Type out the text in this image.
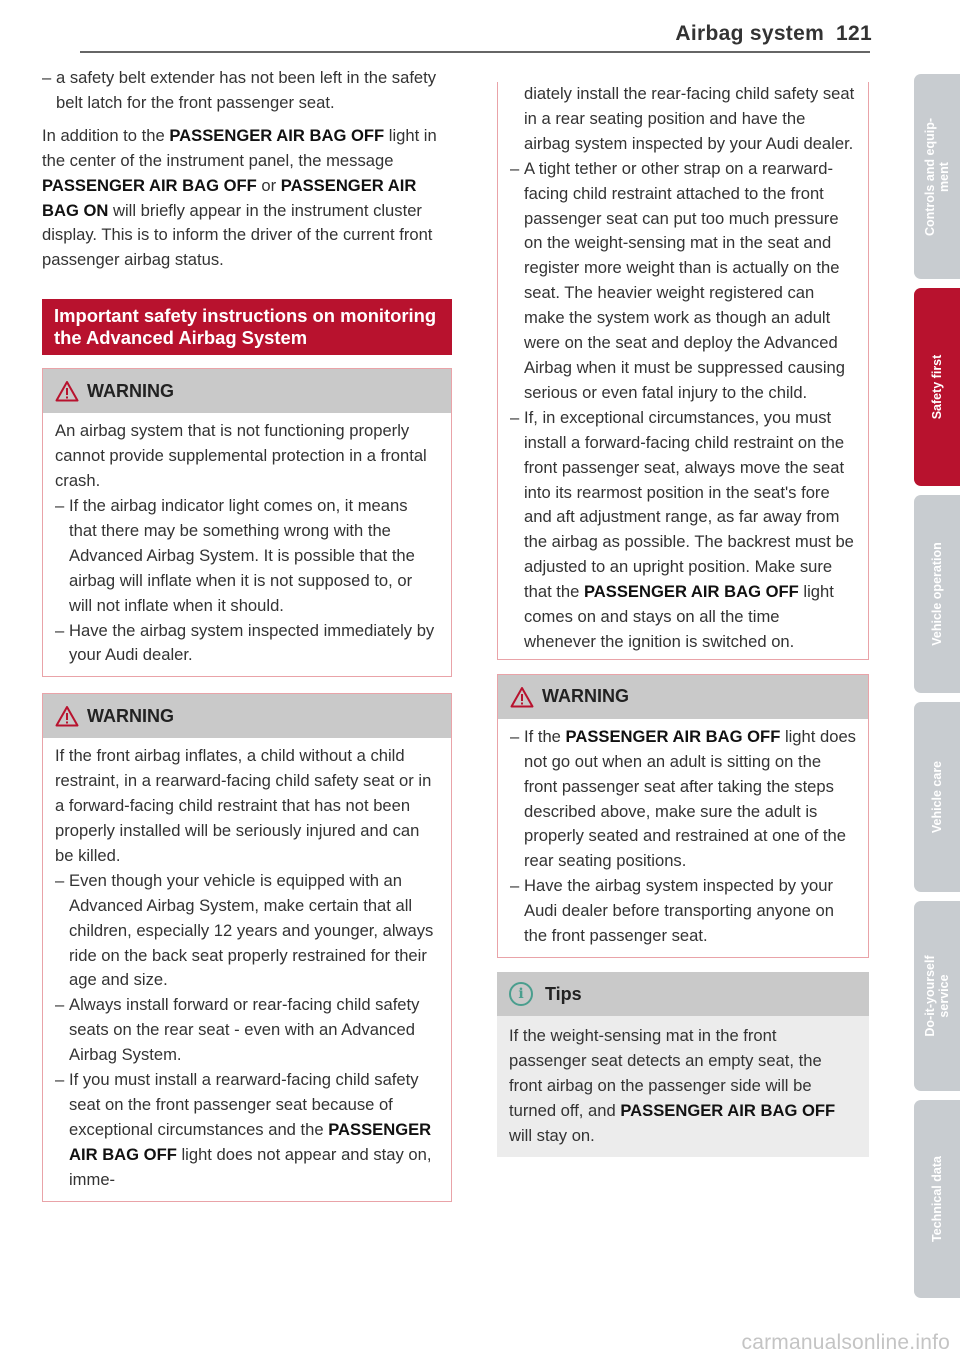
Airbag system 121
– a safety belt extender has not been left in the safety belt latch for the front passenger seat.

In addition to the PASSENGER AIR BAG OFF light in the center of the instrument panel, the message PASSENGER AIR BAG OFF or PASSENGER AIR BAG ON will briefly appear in the instrument cluster display. This is to inform the driver of the current front passenger airbag status.

Important safety instructions on monitoring the Advanced Airbag System
WARNING
An airbag system that is not functioning properly cannot provide supplemental protection in a frontal crash.
– If the airbag indicator light comes on, it means that there may be something wrong with the Advanced Airbag System. It is possible that the airbag will inflate when it is not supposed to, or will not inflate when it should.
– Have the airbag system inspected immediately by your Audi dealer.
WARNING
If the front airbag inflates, a child without a child restraint, in a rearward-facing child safety seat or in a forward-facing child restraint that has not been properly installed will be seriously injured and can be killed.
– Even though your vehicle is equipped with an Advanced Airbag System, make certain that all children, especially 12 years and younger, always ride on the back seat properly restrained for their age and size.
– Always install forward or rear-facing child safety seats on the rear seat - even with an Advanced Airbag System.
– If you must install a rearward-facing child safety seat on the front passenger seat because of exceptional circumstances and the PASSENGER AIR BAG OFF light does not appear and stay on, imme-
diately install the rear-facing child safety seat in a rear seating position and have the airbag system inspected by your Audi dealer.
– A tight tether or other strap on a rearward-facing child restraint attached to the front passenger seat can put too much pressure on the weight-sensing mat in the seat and register more weight than is actually on the seat. The heavier weight registered can make the system work as though an adult were on the seat and deploy the Advanced Airbag when it must be suppressed causing serious or even fatal injury to the child.
– If, in exceptional circumstances, you must install a forward-facing child restraint on the front passenger seat, always move the seat into its rearmost position in the seat's fore and aft adjustment range, as far away from the airbag as possible. The backrest must be adjusted to an upright position. Make sure that the PASSENGER AIR BAG OFF light comes on and stays on all the time whenever the ignition is switched on.
WARNING
– If the PASSENGER AIR BAG OFF light does not go out when an adult is sitting on the front passenger seat after taking the steps described above, make sure the adult is properly seated and restrained at one of the rear seating positions.
– Have the airbag system inspected by your Audi dealer before transporting anyone on the front passenger seat.
i	Tips
If the weight-sensing mat in the front passenger seat detects an empty seat, the front airbag on the passenger side will be turned off, and PASSENGER AIR BAG OFF will stay on.
Controls and equip-
ment
Safety first
Vehicle operation
Vehicle care
Do-it-yourself
service
Technical data
carmanualsonline.info
